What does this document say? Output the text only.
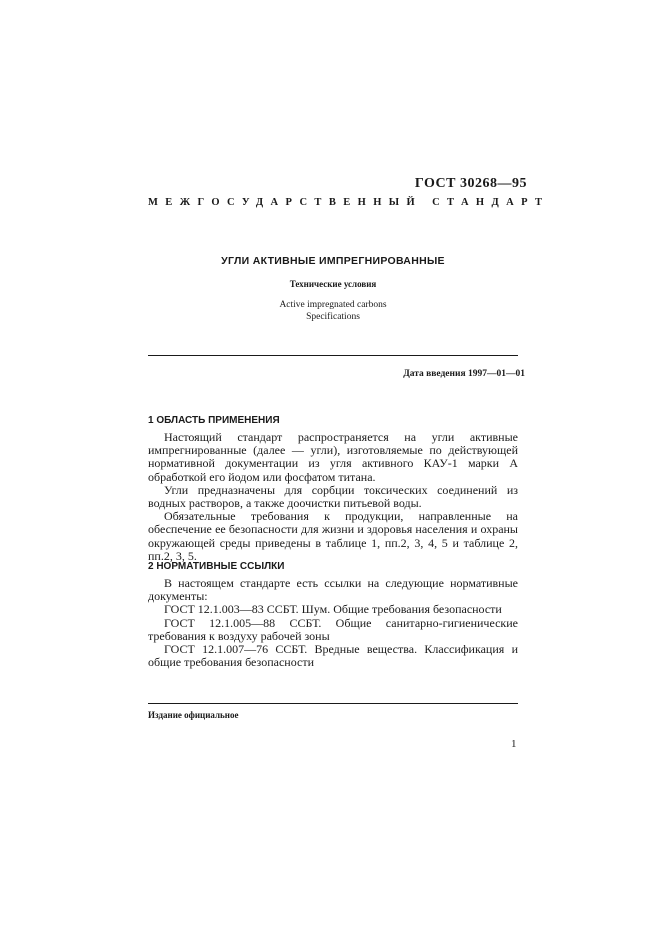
ГОСТ 30268—95
МЕЖГОСУДАРСТВЕННЫЙ СТАНДАРТ
УГЛИ АКТИВНЫЕ ИМПРЕГНИРОВАННЫЕ
Технические условия
Active impregnated carbons
Specifications
Дата введения 1997—01—01
1 ОБЛАСТЬ ПРИМЕНЕНИЯ

Настоящий стандарт распространяется на угли активные импрегнированные (далее — угли), изготовляемые по действующей нормативной документации из угля активного КАУ-1 марки А обработкой его йодом или фосфатом титана.

Угли предназначены для сорбции токсических соединений из водных растворов, а также доочистки питьевой воды.

Обязательные требования к продукции, направленные на обеспечение ее безопасности для жизни и здоровья населения и охраны окружающей среды приведены в таблице 1, пп.2, 3, 4, 5 и таблице 2, пп.2, 3, 5.

2 НОРМАТИВНЫЕ ССЫЛКИ

В настоящем стандарте есть ссылки на следующие нормативные документы:

ГОСТ 12.1.003—83 ССБТ. Шум. Общие требования безопасности

ГОСТ 12.1.005—88 ССБТ. Общие санитарно-гигиенические требования к воздуху рабочей зоны

ГОСТ 12.1.007—76 ССБТ. Вредные вещества. Классификация и общие требования безопасности

Издание официальное
1
